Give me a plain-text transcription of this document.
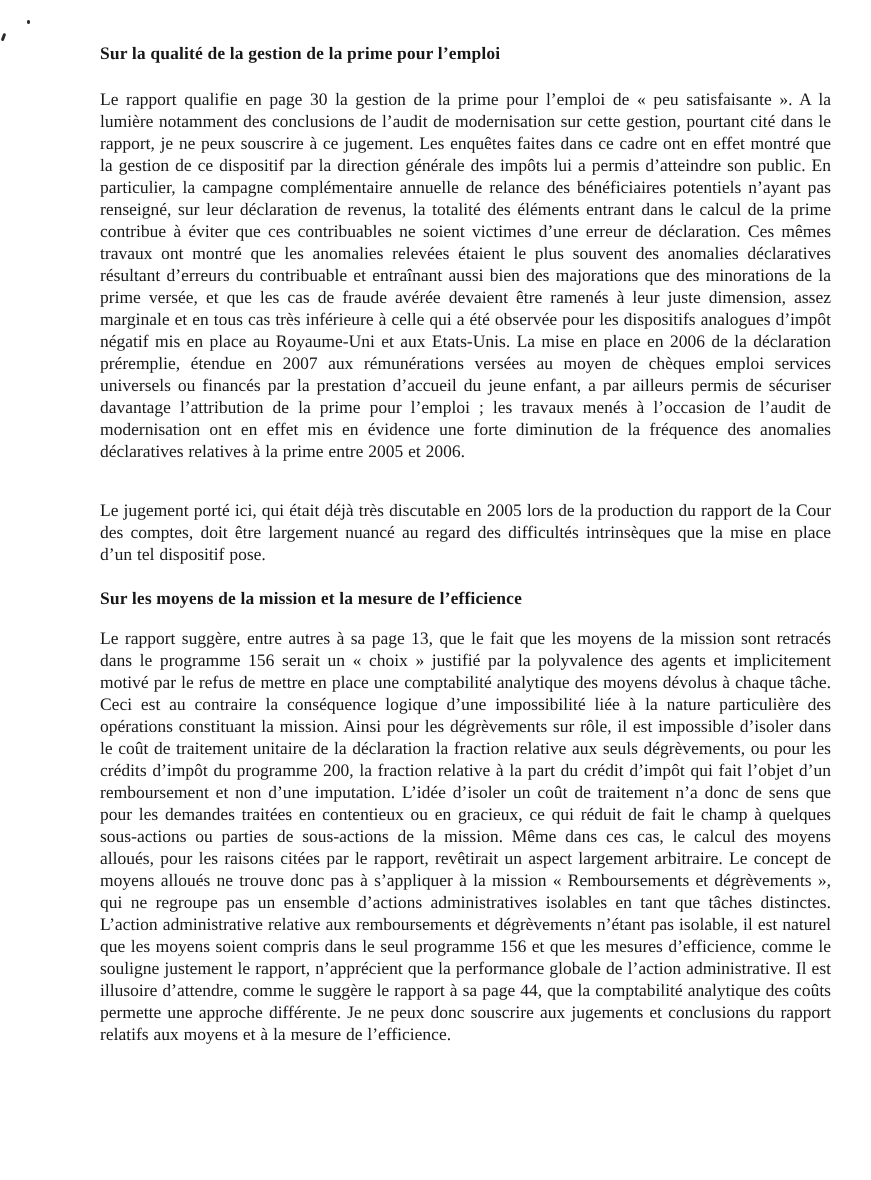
Sur la qualité de la gestion de la prime pour l’emploi

Le rapport qualifie en page 30 la gestion de la prime pour l’emploi de « peu satisfaisante ». A la lumière notamment des conclusions de l’audit de modernisation sur cette gestion, pourtant cité dans le rapport, je ne peux souscrire à ce jugement. Les enquêtes faites dans ce cadre ont en effet montré que la gestion de ce dispositif par la direction générale des impôts lui a permis d’atteindre son public. En particulier, la campagne complémentaire annuelle de relance des bénéficiaires potentiels n’ayant pas renseigné, sur leur déclaration de revenus, la totalité des éléments entrant dans le calcul de la prime contribue à éviter que ces contribuables ne soient victimes d’une erreur de déclaration. Ces mêmes travaux ont montré que les anomalies relevées étaient le plus souvent des anomalies déclaratives résultant d’erreurs du contribuable et entraînant aussi bien des majorations que des minorations de la prime versée, et que les cas de fraude avérée devaient être ramenés à leur juste dimension, assez marginale et en tous cas très inférieure à celle qui a été observée pour les dispositifs analogues d’impôt négatif mis en place au Royaume-Uni et aux Etats-Unis. La mise en place en 2006 de la déclaration préremplie, étendue en 2007 aux rémunérations versées au moyen de chèques emploi services universels ou financés par la prestation d’accueil du jeune enfant, a par ailleurs permis de sécuriser davantage l’attribution de la prime pour l’emploi ; les travaux menés à l’occasion de l’audit de modernisation ont en effet mis en évidence une forte diminution de la fréquence des anomalies déclaratives relatives à la prime entre 2005 et 2006.

Le jugement porté ici, qui était déjà très discutable en 2005 lors de la production du rapport de la Cour des comptes, doit être largement nuancé au regard des difficultés intrinsèques que la mise en place d’un tel dispositif pose.

Sur les moyens de la mission et la mesure de l’efficience

Le rapport suggère, entre autres à sa page 13, que le fait que les moyens de la mission sont retracés dans le programme 156 serait un « choix » justifié par la polyvalence des agents et implicitement motivé par le refus de mettre en place une comptabilité analytique des moyens dévolus à chaque tâche. Ceci est au contraire la conséquence logique d’une impossibilité liée à la nature particulière des opérations constituant la mission. Ainsi pour les dégrèvements sur rôle, il est impossible d’isoler dans le coût de traitement unitaire de la déclaration la fraction relative aux seuls dégrèvements, ou pour les crédits d’impôt du programme 200, la fraction relative à la part du crédit d’impôt qui fait l’objet d’un remboursement et non d’une imputation. L’idée d’isoler un coût de traitement n’a donc de sens que pour les demandes traitées en contentieux ou en gracieux, ce qui réduit de fait le champ à quelques sous-actions ou parties de sous-actions de la mission. Même dans ces cas, le calcul des moyens alloués, pour les raisons citées par le rapport, revêtirait un aspect largement arbitraire. Le concept de moyens alloués ne trouve donc pas à s’appliquer à la mission « Remboursements et dégrèvements », qui ne regroupe pas un ensemble d’actions administratives isolables en tant que tâches distinctes. L’action administrative relative aux remboursements et dégrèvements n’étant pas isolable, il est naturel que les moyens soient compris dans le seul programme 156 et que les mesures d’efficience, comme le souligne justement le rapport, n’apprécient que la performance globale de l’action administrative. Il est illusoire d’attendre, comme le suggère le rapport à sa page 44, que la comptabilité analytique des coûts permette une approche différente. Je ne peux donc souscrire aux jugements et conclusions du rapport relatifs aux moyens et à la mesure de l’efficience.
